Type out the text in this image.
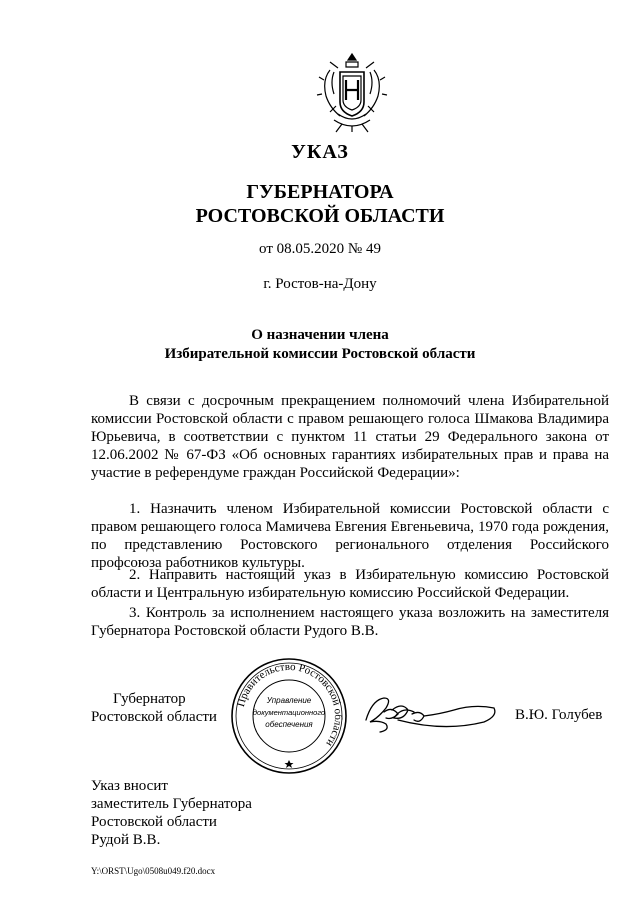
УКАЗ
ГУБЕРНАТОРА
РОСТОВСКОЙ ОБЛАСТИ
от 08.05.2020 № 49
г. Ростов-на-Дону
О назначении члена
Избирательной комиссии Ростовской области
В связи с досрочным прекращением полномочий члена Избирательной комиссии Ростовской области с правом решающего голоса Шмакова Владимира Юрьевича, в соответствии с пунктом 11 статьи 29 Федерального закона от 12.06.2002 № 67-ФЗ «Об основных гарантиях избирательных прав и права на участие в референдуме граждан Российской Федерации»:
1. Назначить членом Избирательной комиссии Ростовской области с правом решающего голоса Мамичева Евгения Евгеньевича, 1970 года рождения, по представлению Ростовского регионального отделения Российского профсоюза работников культуры.
2. Направить настоящий указ в Избирательную комиссию Ростовской области и Центральную избирательную комиссию Российской Федерации.
3. Контроль за исполнением настоящего указа возложить на заместителя Губернатора Ростовской области Рудого В.В.
Губернатор
Ростовской области
Правительство Ростовской области
Управление
документационного
обеспечения
В.Ю. Голубев
Указ вносит
заместитель Губернатора
Ростовской области
Рудой В.В.
Y:\ORST\Ugo\0508u049.f20.docx
